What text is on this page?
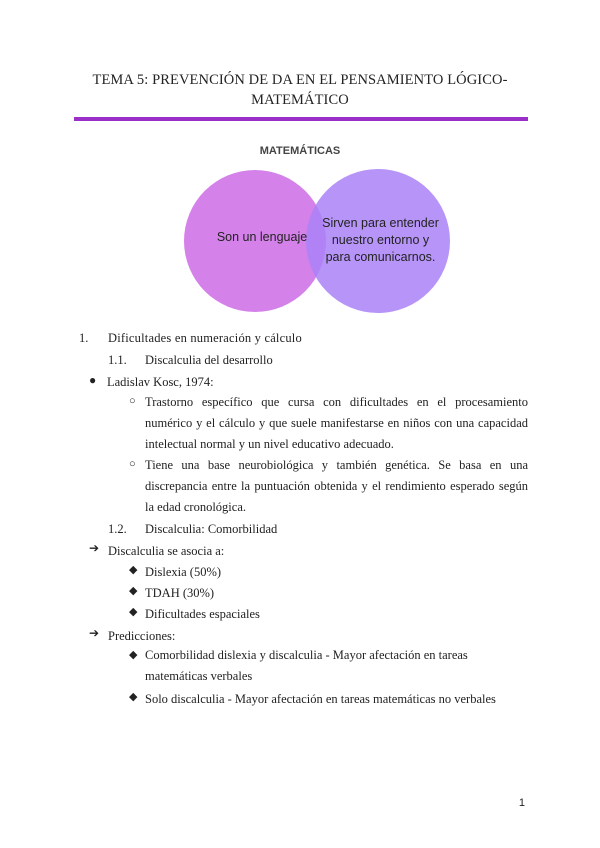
TEMA 5: PREVENCIÓN DE DA EN EL PENSAMIENTO LÓGICO-
MATEMÁTICO
MATEMÁTICAS
Son un lenguaje
Sirven para entender
nuestro entorno y
para comunicarnos.
1. Dificultades en numeración y cálculo
1.1. Discalculia del desarrollo
● Ladislav Kosc, 1974:
○ Trastorno específico que cursa con dificultades en el procesamiento numérico y el cálculo y que suele manifestarse en niños con una capacidad intelectual normal y un nivel educativo adecuado.
○ Tiene una base neurobiológica y también genética. Se basa en una discrepancia entre la puntuación obtenida y el rendimiento esperado según la edad cronológica.
1.2. Discalculia: Comorbilidad
➔ Discalculia se asocia a:
◆ Dislexia (50%)
◆ TDAH (30%)
◆ Dificultades espaciales
➔ Predicciones:
◆ Comorbilidad dislexia y discalculia - Mayor afectación en tareas matemáticas verbales
◆ Solo discalculia - Mayor afectación en tareas matemáticas no verbales
1
